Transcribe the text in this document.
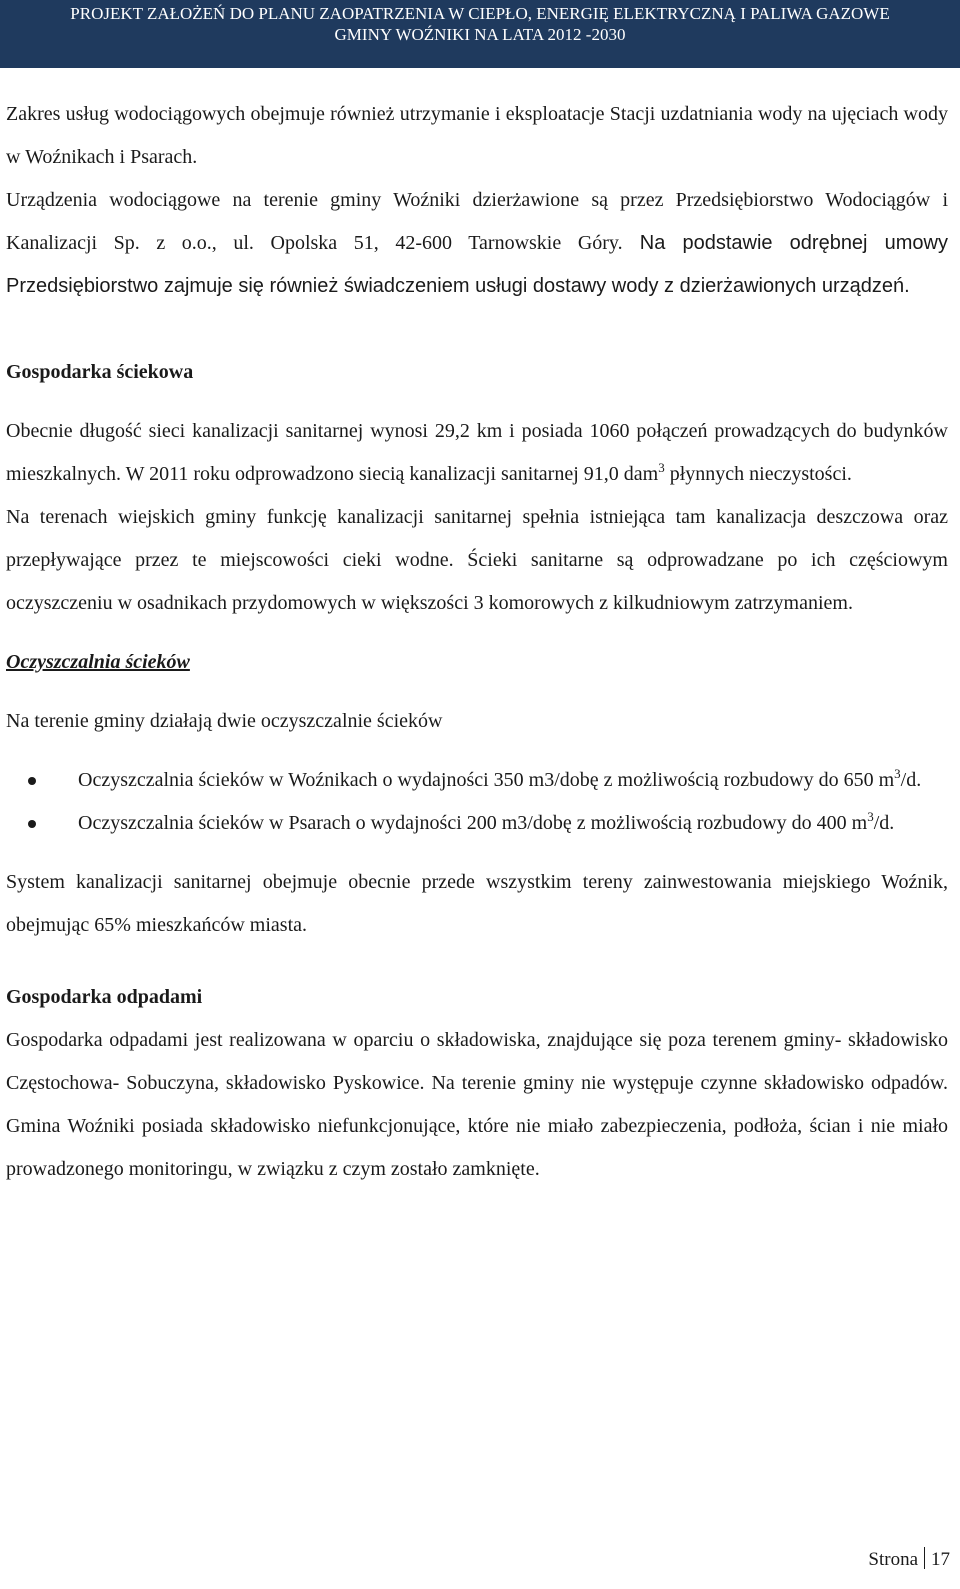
PROJEKT ZAŁOŻEŃ DO PLANU ZAOPATRZENIA W CIEPŁO, ENERGIĘ ELEKTRYCZNĄ I PALIWA GAZOWE
GMINY WOŹNIKI NA LATA 2012 -2030

Zakres usług wodociągowych obejmuje również utrzymanie i eksploatacje Stacji uzdatniania wody na ujęciach wody w Woźnikach i Psarach.

Urządzenia wodociągowe na terenie gminy Woźniki dzierżawione są przez Przedsiębiorstwo Wodociągów i Kanalizacji Sp. z o.o., ul. Opolska 51, 42-600 Tarnowskie Góry. Na podstawie odrębnej umowy Przedsiębiorstwo zajmuje się również świadczeniem usługi dostawy wody z dzierżawionych urządzeń.

Gospodarka ściekowa

Obecnie długość sieci kanalizacji sanitarnej wynosi 29,2 km i posiada 1060 połączeń prowadzących do budynków mieszkalnych. W 2011 roku odprowadzono siecią kanalizacji sanitarnej 91,0 dam$^3$ płynnych nieczystości.

Na terenach wiejskich gminy funkcję kanalizacji sanitarnej spełnia istniejąca tam kanalizacja deszczowa oraz przepływające przez te miejscowości cieki wodne. Ścieki sanitarne są odprowadzane po ich częściowym oczyszczeniu w osadnikach przydomowych w większości 3 komorowych z kilkudniowym zatrzymaniem.

Oczyszczalnia ścieków

Na terenie gminy działają dwie oczyszczalnie ścieków

Oczyszczalnia ścieków w Woźnikach o wydajności 350 m3/dobę z możliwością rozbudowy do 650 $m^3/d$.
Oczyszczalnia ścieków w Psarach o wydajności 200 m3/dobę z możliwością rozbudowy do 400 $m^3/d$.

System kanalizacji sanitarnej obejmuje obecnie przede wszystkim tereny zainwestowania miejskiego Woźnik, obejmując 65% mieszkańców miasta.

Gospodarka odpadami

Gospodarka odpadami jest realizowana w oparciu o składowiska, znajdujące się poza terenem gminy- składowisko Częstochowa- Sobuczyna, składowisko Pyskowice. Na terenie gminy nie występuje czynne składowisko odpadów. Gmina Woźniki posiada składowisko niefunkcjonujące, które nie miało zabezpieczenia, podłoża, ścian i nie miało prowadzonego monitoringu, w związku z czym zostało zamknięte.

Strona 17
